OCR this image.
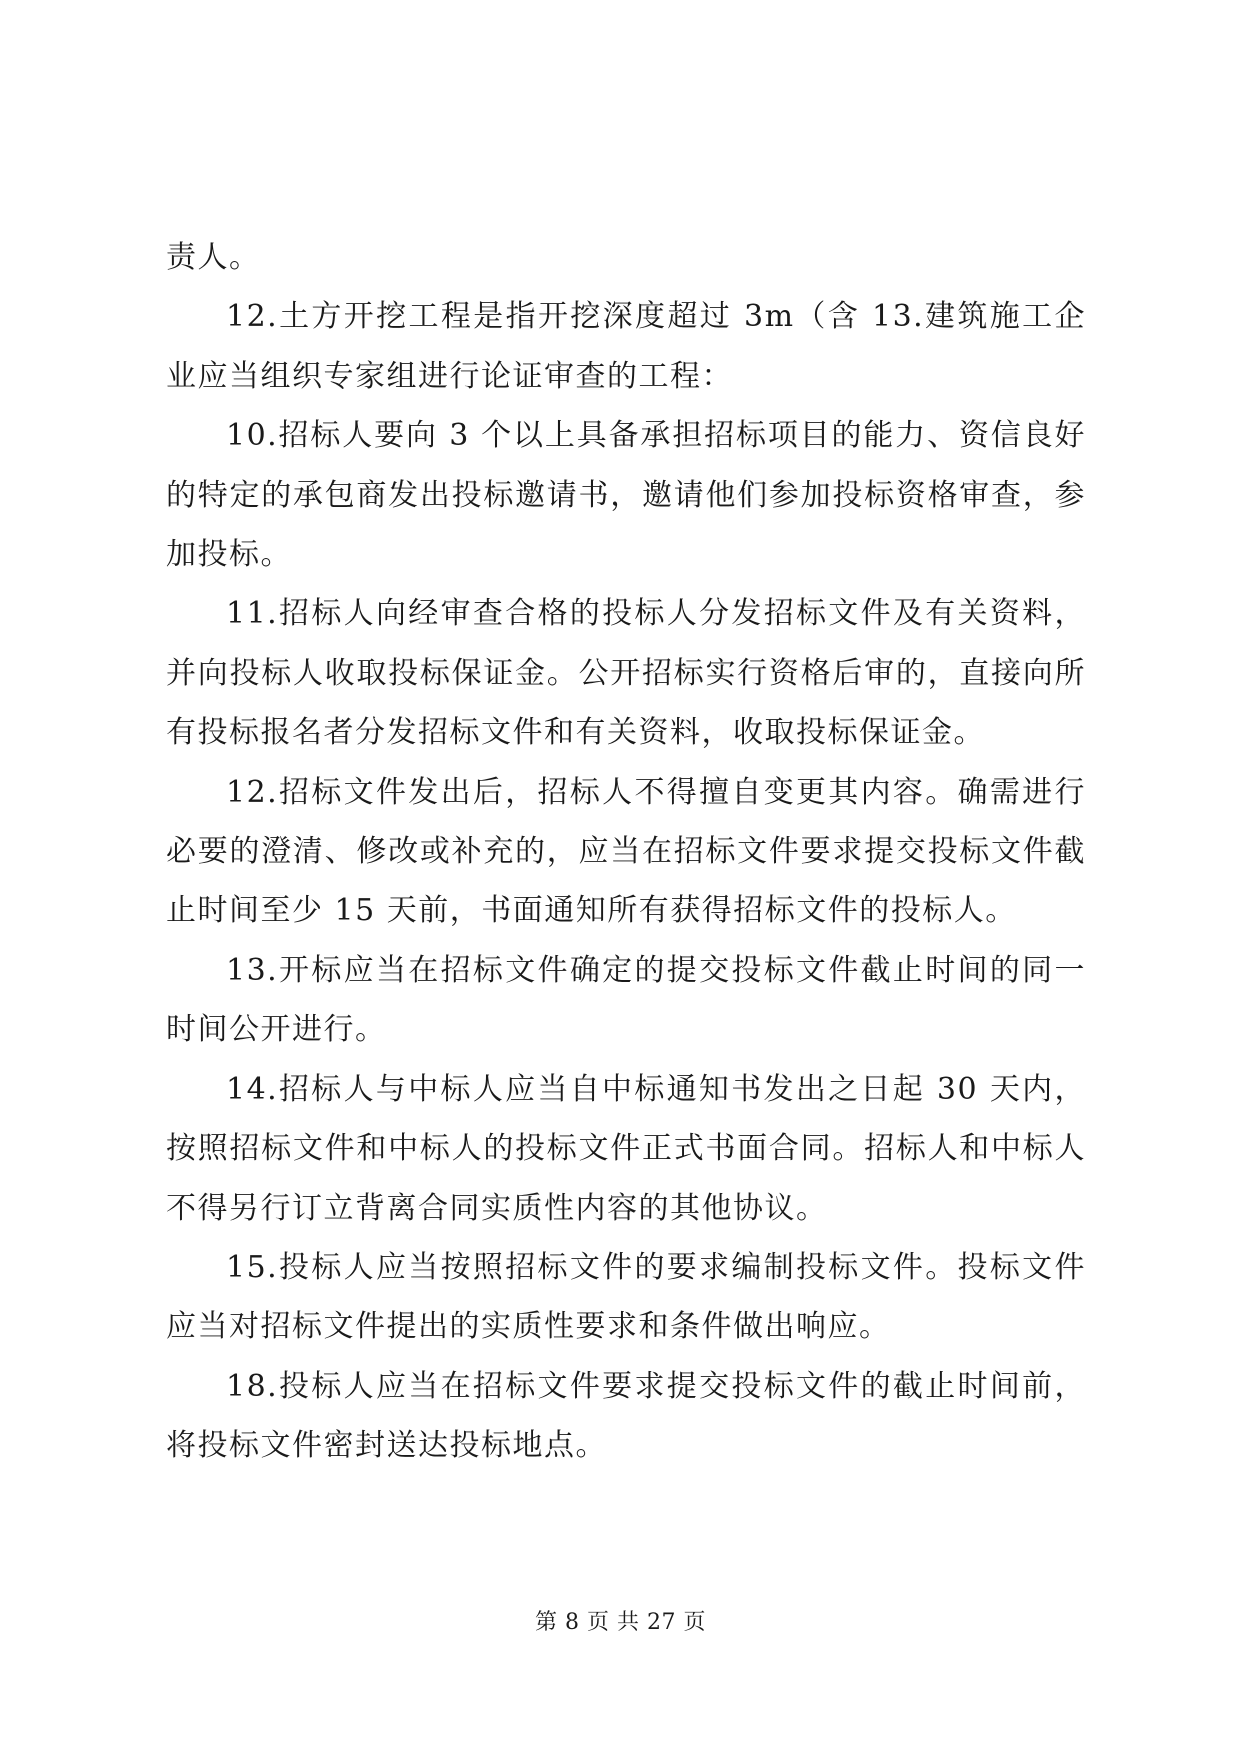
责人。

12.土方开挖工程是指开挖深度超过 3m（含 13.建筑施工企业应当组织专家组进行论证审查的工程：

10.招标人要向 3 个以上具备承担招标项目的能力、资信良好的特定的承包商发出投标邀请书，邀请他们参加投标资格审查，参加投标。

11.招标人向经审查合格的投标人分发招标文件及有关资料，并向投标人收取投标保证金。公开招标实行资格后审的，直接向所有投标报名者分发招标文件和有关资料，收取投标保证金。

12.招标文件发出后，招标人不得擅自变更其内容。确需进行必要的澄清、修改或补充的，应当在招标文件要求提交投标文件截止时间至少 15 天前，书面通知所有获得招标文件的投标人。

13.开标应当在招标文件确定的提交投标文件截止时间的同一时间公开进行。

14.招标人与中标人应当自中标通知书发出之日起 30 天内，按照招标文件和中标人的投标文件正式书面合同。招标人和中标人不得另行订立背离合同实质性内容的其他协议。

15.投标人应当按照招标文件的要求编制投标文件。投标文件应当对招标文件提出的实质性要求和条件做出响应。

18.投标人应当在招标文件要求提交投标文件的截止时间前，将投标文件密封送达投标地点。

第 8 页 共 27 页
